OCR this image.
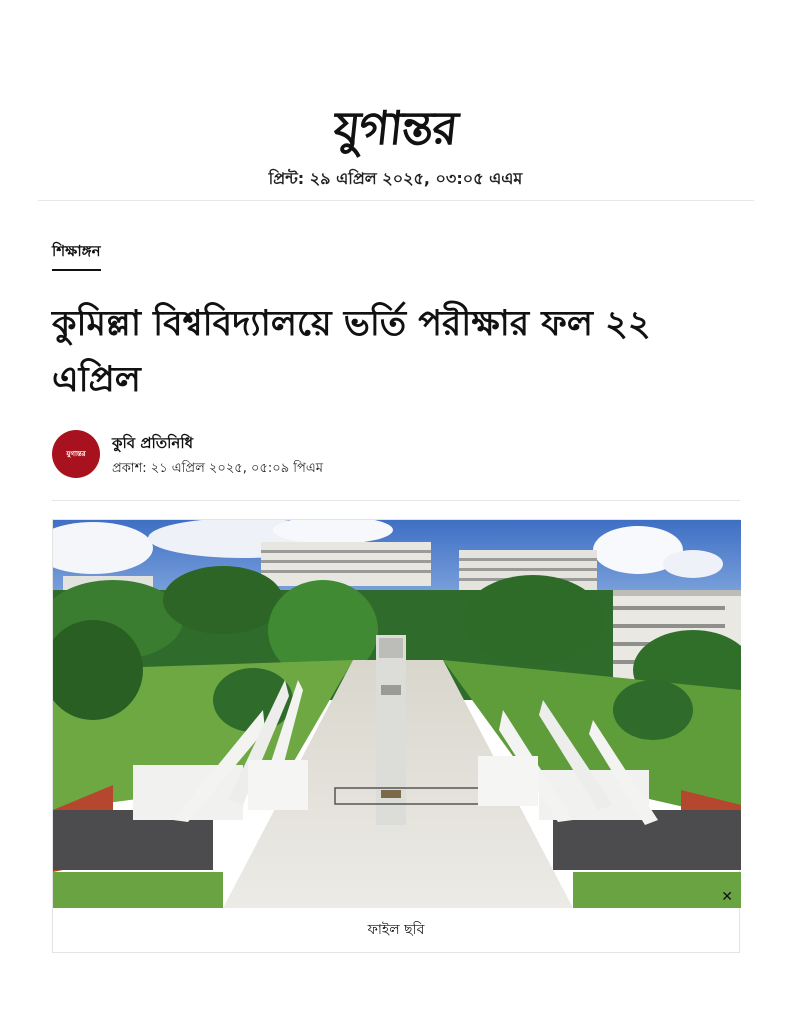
যুগান্তর
প্রিন্ট: ২৯ এপ্রিল ২০২৫, ০৩:০৫ এএম
শিক্ষাঙ্গন
কুমিল্লা বিশ্ববিদ্যালয়ে ভর্তি পরীক্ষার ফল ২২ এপ্রিল
যুগান্তর
কুবি প্রতিনিধি
প্রকাশ: ২১ এপ্রিল ২০২৫, ০৫:০৯ পিএম
✕
ফাইল ছবি
